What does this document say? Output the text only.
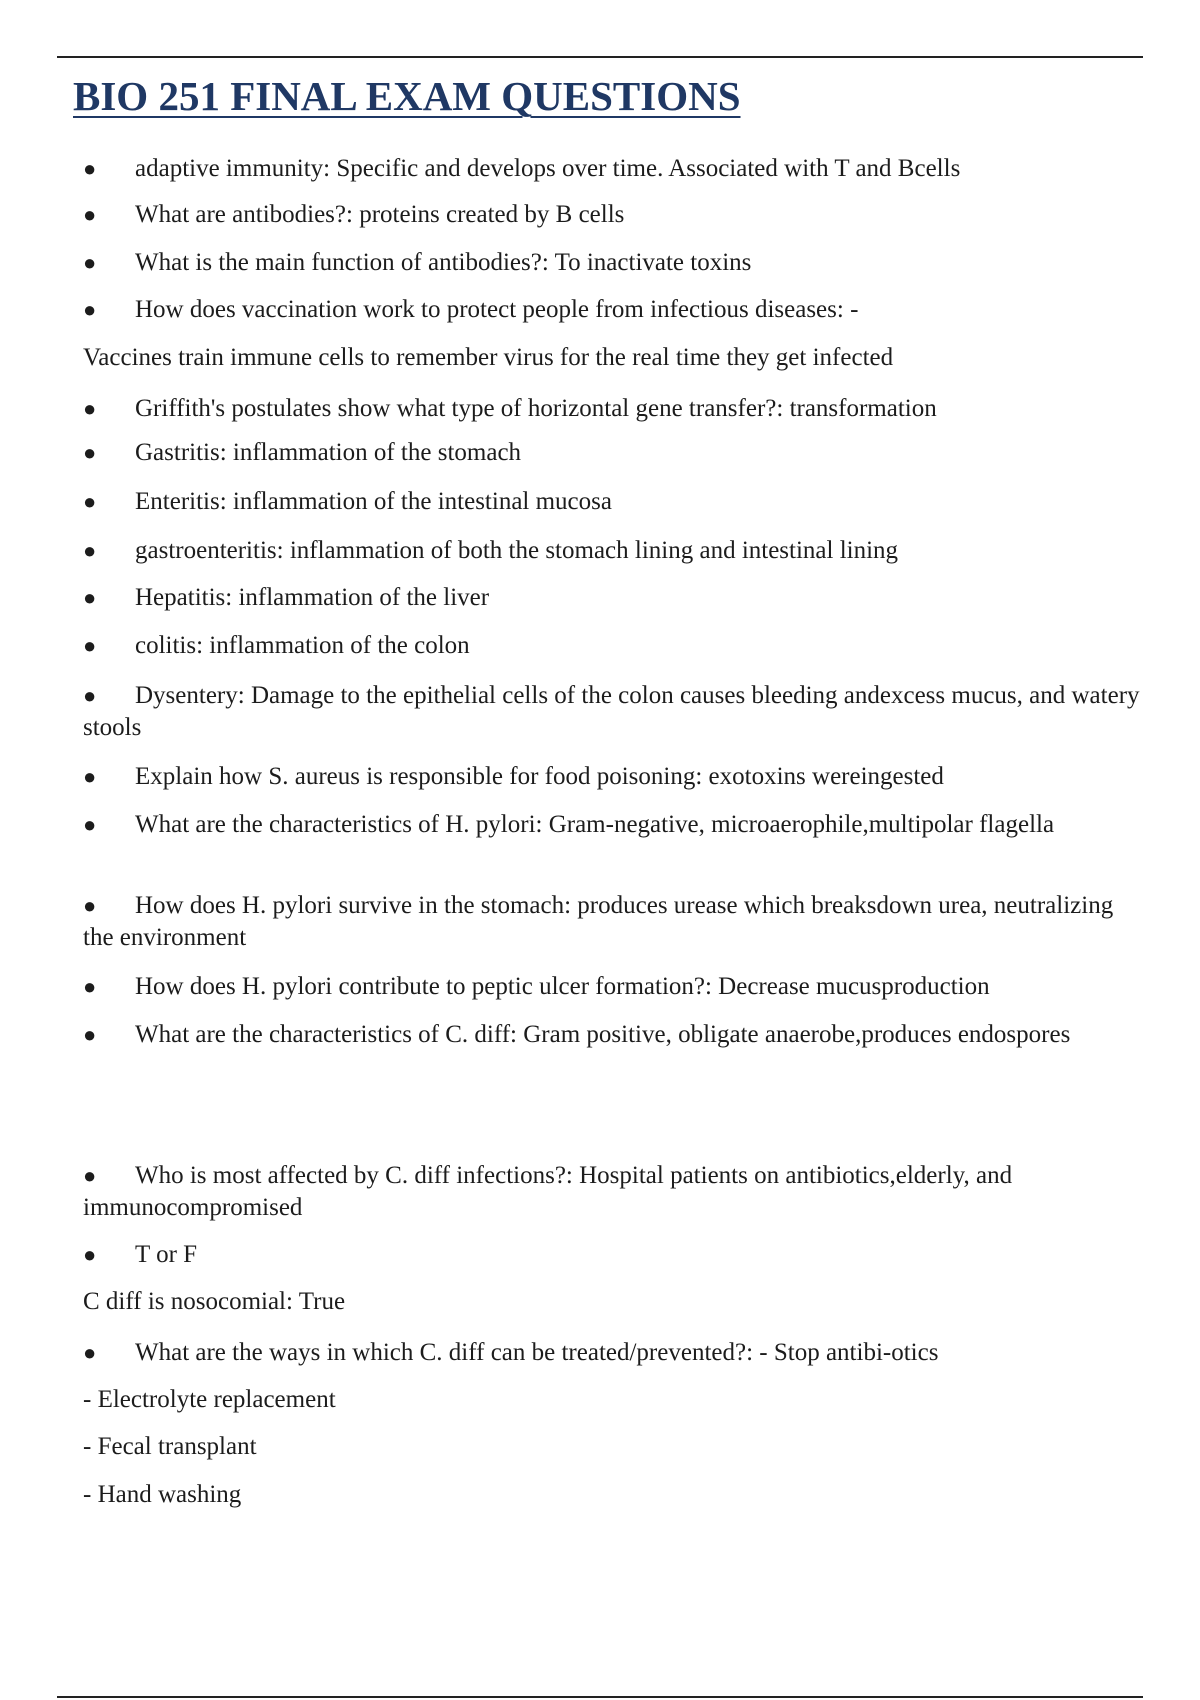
BIO 251 FINAL EXAM QUESTIONS
● adaptive immunity: Specific and develops over time. Associated with T and Bcells
● What are antibodies?: proteins created by B cells
● What is the main function of antibodies?: To inactivate toxins
● How does vaccination work to protect people from infectious diseases: -
Vaccines train immune cells to remember virus for the real time they get infected
● Griffith's postulates show what type of horizontal gene transfer?: transformation
● Gastritis: inflammation of the stomach
● Enteritis: inflammation of the intestinal mucosa
● gastroenteritis: inflammation of both the stomach lining and intestinal lining
● Hepatitis: inflammation of the liver
● colitis: inflammation of the colon
● Dysentery: Damage to the epithelial cells of the colon causes bleeding andexcess mucus, and watery stools
● Explain how S. aureus is responsible for food poisoning: exotoxins wereingested
● What are the characteristics of H. pylori: Gram-negative, microaerophile,multipolar flagella
● How does H. pylori survive in the stomach: produces urease which breaksdown urea, neutralizing the environment
● How does H. pylori contribute to peptic ulcer formation?: Decrease mucusproduction
● What are the characteristics of C. diff: Gram positive, obligate anaerobe,produces endospores
● Who is most affected by C. diff infections?: Hospital patients on antibiotics,elderly, and immunocompromised
● T or F
C diff is nosocomial: True
● What are the ways in which C. diff can be treated/prevented?: - Stop antibi-otics
- Electrolyte replacement
- Fecal transplant
- Hand washing
